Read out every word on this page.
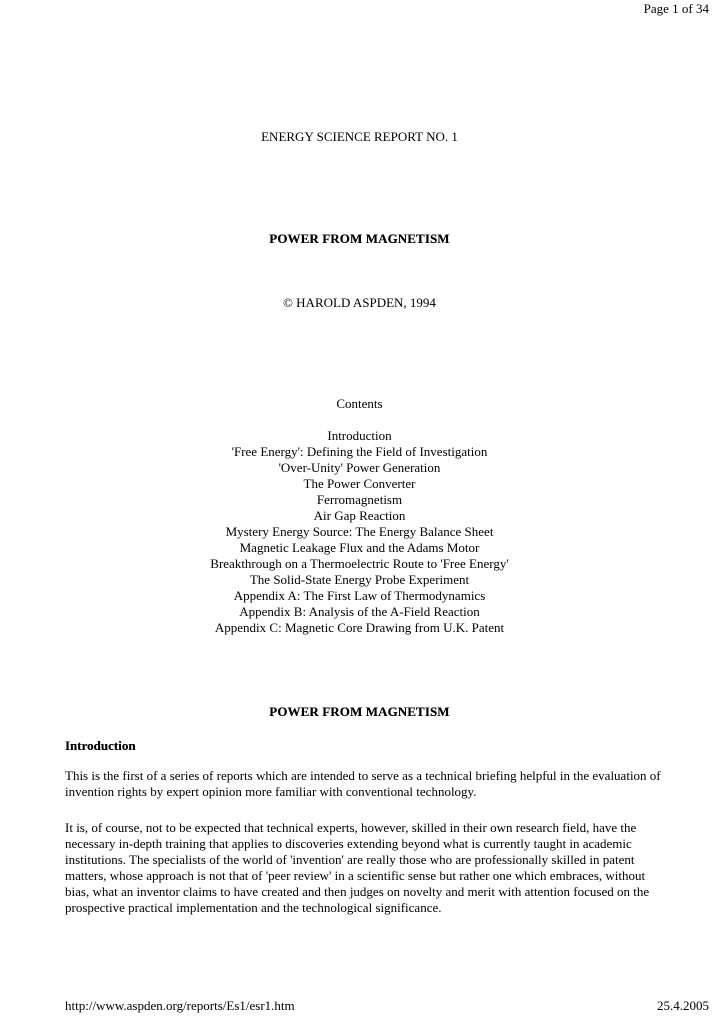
Page 1 of 34
ENERGY SCIENCE REPORT NO. 1
POWER FROM MAGNETISM
© HAROLD ASPDEN, 1994
Contents
Introduction
'Free Energy': Defining the Field of Investigation
'Over-Unity' Power Generation
The Power Converter
Ferromagnetism
Air Gap Reaction
Mystery Energy Source: The Energy Balance Sheet
Magnetic Leakage Flux and the Adams Motor
Breakthrough on a Thermoelectric Route to 'Free Energy'
The Solid-State Energy Probe Experiment
Appendix A: The First Law of Thermodynamics
Appendix B: Analysis of the A-Field Reaction
Appendix C: Magnetic Core Drawing from U.K. Patent
POWER FROM MAGNETISM
Introduction

This is the first of a series of reports which are intended to serve as a technical briefing helpful in the evaluation of invention rights by expert opinion more familiar with conventional technology.

It is, of course, not to be expected that technical experts, however, skilled in their own research field, have the necessary in-depth training that applies to discoveries extending beyond what is currently taught in academic institutions. The specialists of the world of 'invention' are really those who are professionally skilled in patent matters, whose approach is not that of 'peer review' in a scientific sense but rather one which embraces, without bias, what an inventor claims to have created and then judges on novelty and merit with attention focused on the prospective practical implementation and the technological significance.

http://www.aspden.org/reports/Es1/esr1.htm	25.4.2005
